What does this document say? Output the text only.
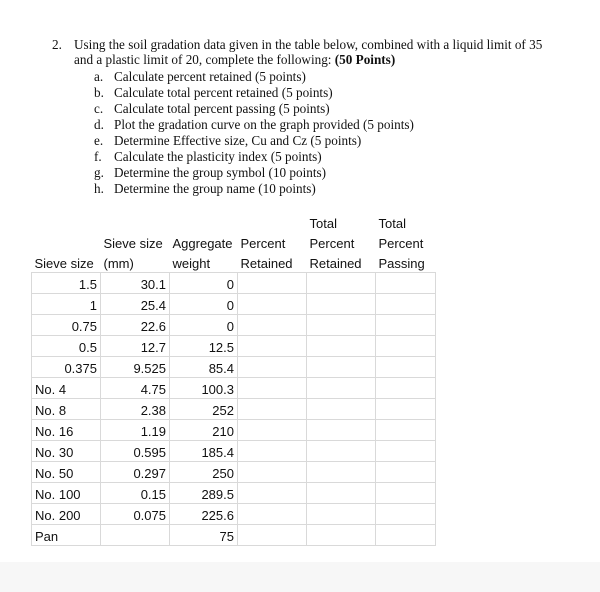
2. Using the soil gradation data given in the table below, combined with a liquid limit of 35
and a plastic limit of 20, complete the following: (50 Points)
a. Calculate percent retained (5 points)
b. Calculate total percent retained (5 points)
c. Calculate total percent passing (5 points)
d. Plot the gradation curve on the graph provided (5 points)
e. Determine Effective size, Cu and Cz (5 points)
f. Calculate the plasticity index (5 points)
g. Determine the group symbol (10 points)
h. Determine the group name (10 points)
				Total	Total
	Sieve size	Aggregate	Percent	Percent	Percent
Sieve size	(mm)	weight	Retained	Retained	Passing
1.5	30.1	0			
1	25.4	0			
0.75	22.6	0			
0.5	12.7	12.5			
0.375	9.525	85.4			
No. 4	4.75	100.3			
No. 8	2.38	252			
No. 16	1.19	210			
No. 30	0.595	185.4			
No. 50	0.297	250			
No. 100	0.15	289.5			
No. 200	0.075	225.6			
Pan		75			
